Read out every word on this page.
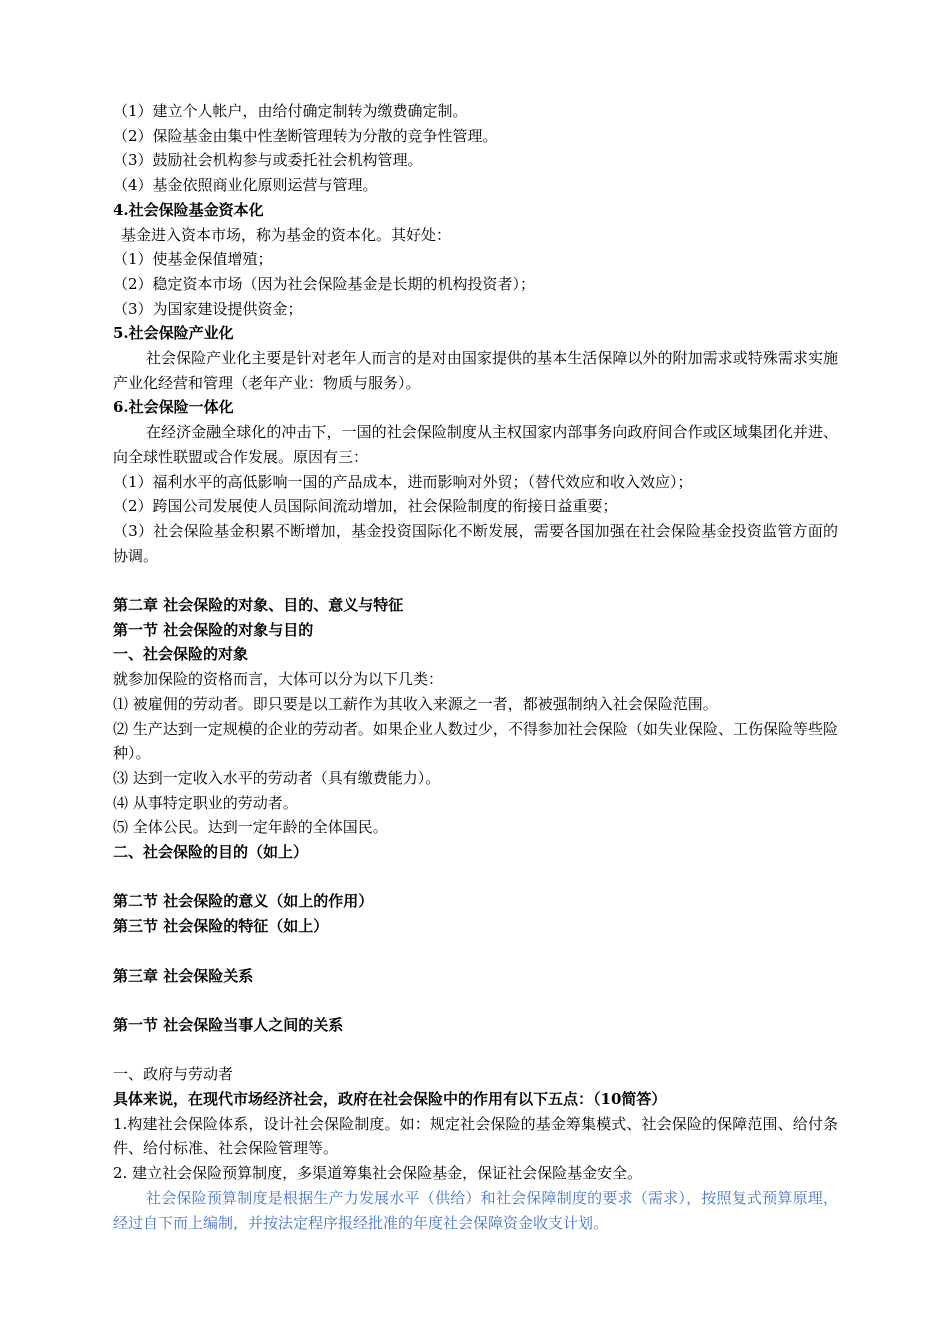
（1）建立个人帐户，由给付确定制转为缴费确定制。
（2）保险基金由集中性垄断管理转为分散的竞争性管理。
（3）鼓励社会机构参与或委托社会机构管理。
（4）基金依照商业化原则运营与管理。
4.社会保险基金资本化
基金进入资本市场，称为基金的资本化。其好处：
（1）使基金保值增殖；
（2）稳定资本市场（因为社会保险基金是长期的机构投资者）；
（3）为国家建设提供资金；
5.社会保险产业化
社会保险产业化主要是针对老年人而言的是对由国家提供的基本生活保障以外的附加需求或特殊需求实施产业化经营和管理（老年产业：物质与服务）。
6.社会保险一体化
在经济金融全球化的冲击下，一国的社会保险制度从主权国家内部事务向政府间合作或区域集团化并进、向全球性联盟或合作发展。原因有三：
（1）福利水平的高低影响一国的产品成本，进而影响对外贸；（替代效应和收入效应）；
（2）跨国公司发展使人员国际间流动增加，社会保险制度的衔接日益重要；
（3）社会保险基金积累不断增加，基金投资国际化不断发展，需要各国加强在社会保险基金投资监管方面的协调。
第二章 社会保险的对象、目的、意义与特征
第一节 社会保险的对象与目的
一、社会保险的对象
就参加保险的资格而言，大体可以分为以下几类：
⑴ 被雇佣的劳动者。即只要是以工薪作为其收入来源之一者，都被强制纳入社会保险范围。
⑵ 生产达到一定规模的企业的劳动者。如果企业人数过少，不得参加社会保险（如失业保险、工伤保险等些险种）。
⑶ 达到一定收入水平的劳动者（具有缴费能力）。
⑷ 从事特定职业的劳动者。
⑸ 全体公民。达到一定年龄的全体国民。
二、社会保险的目的（如上）
第二节 社会保险的意义（如上的作用）
第三节 社会保险的特征（如上）
第三章 社会保险关系
第一节 社会保险当事人之间的关系
一、政府与劳动者
具体来说，在现代市场经济社会，政府在社会保险中的作用有以下五点：（10简答）
1.构建社会保险体系，设计社会保险制度。如：规定社会保险的基金筹集模式、社会保险的保障范围、给付条件、给付标准、社会保险管理等。
2. 建立社会保险预算制度，多渠道筹集社会保险基金，保证社会保险基金安全。
社会保险预算制度是根据生产力发展水平（供给）和社会保障制度的要求（需求），按照复式预算原理，经过自下而上编制，并按法定程序报经批准的年度社会保障资金收支计划。
